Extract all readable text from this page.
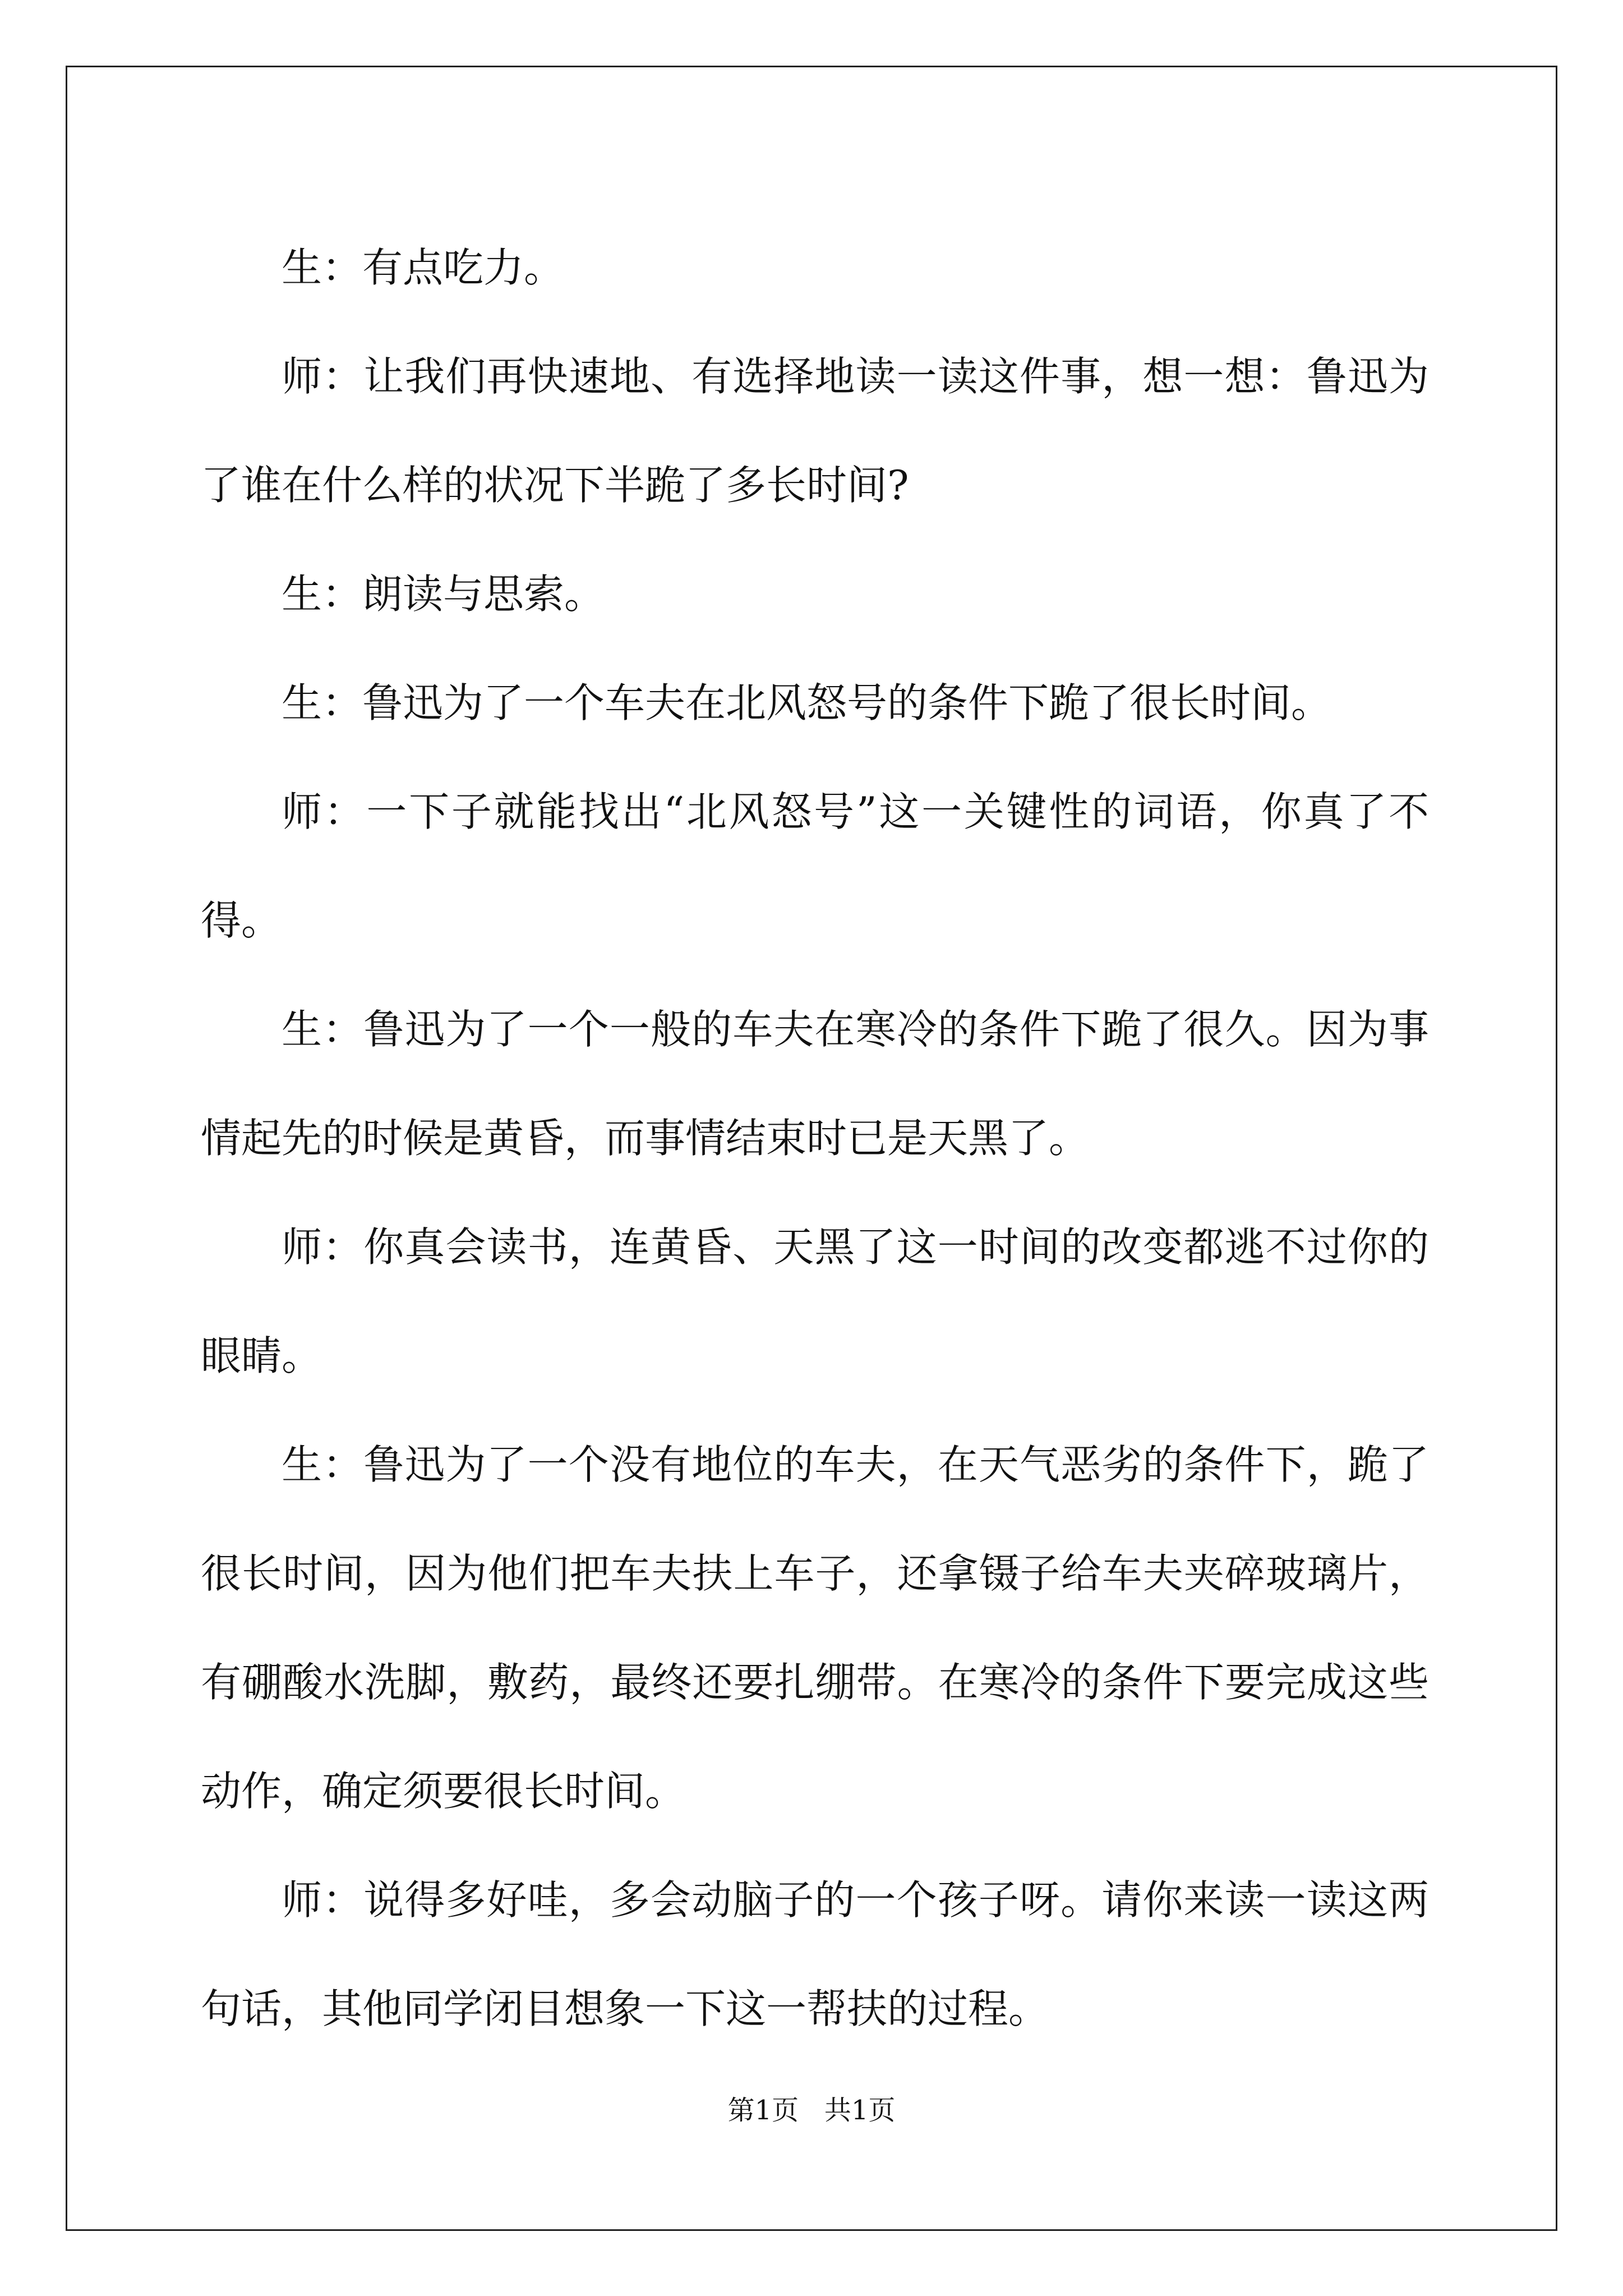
生：有点吃力。

师：让我们再快速地、有选择地读一读这件事，想一想：鲁迅为了谁在什么样的状况下半跪了多长时间?

生：朗读与思索。

生：鲁迅为了一个车夫在北风怒号的条件下跪了很长时间。

师：一下子就能找出“北风怒号”这一关键性的词语，你真了不得。

生：鲁迅为了一个一般的车夫在寒冷的条件下跪了很久。因为事情起先的时候是黄昏，而事情结束时已是天黑了。

师：你真会读书，连黄昏、天黑了这一时间的改变都逃不过你的眼睛。

生：鲁迅为了一个没有地位的车夫，在天气恶劣的条件下，跪了很长时间，因为他们把车夫扶上车子，还拿镊子给车夫夹碎玻璃片，有硼酸水洗脚，敷药，最终还要扎绷带。在寒冷的条件下要完成这些动作，确定须要很长时间。

师：说得多好哇，多会动脑子的一个孩子呀。请你来读一读这两句话，其他同学闭目想象一下这一帮扶的过程。

第1页   共1页
